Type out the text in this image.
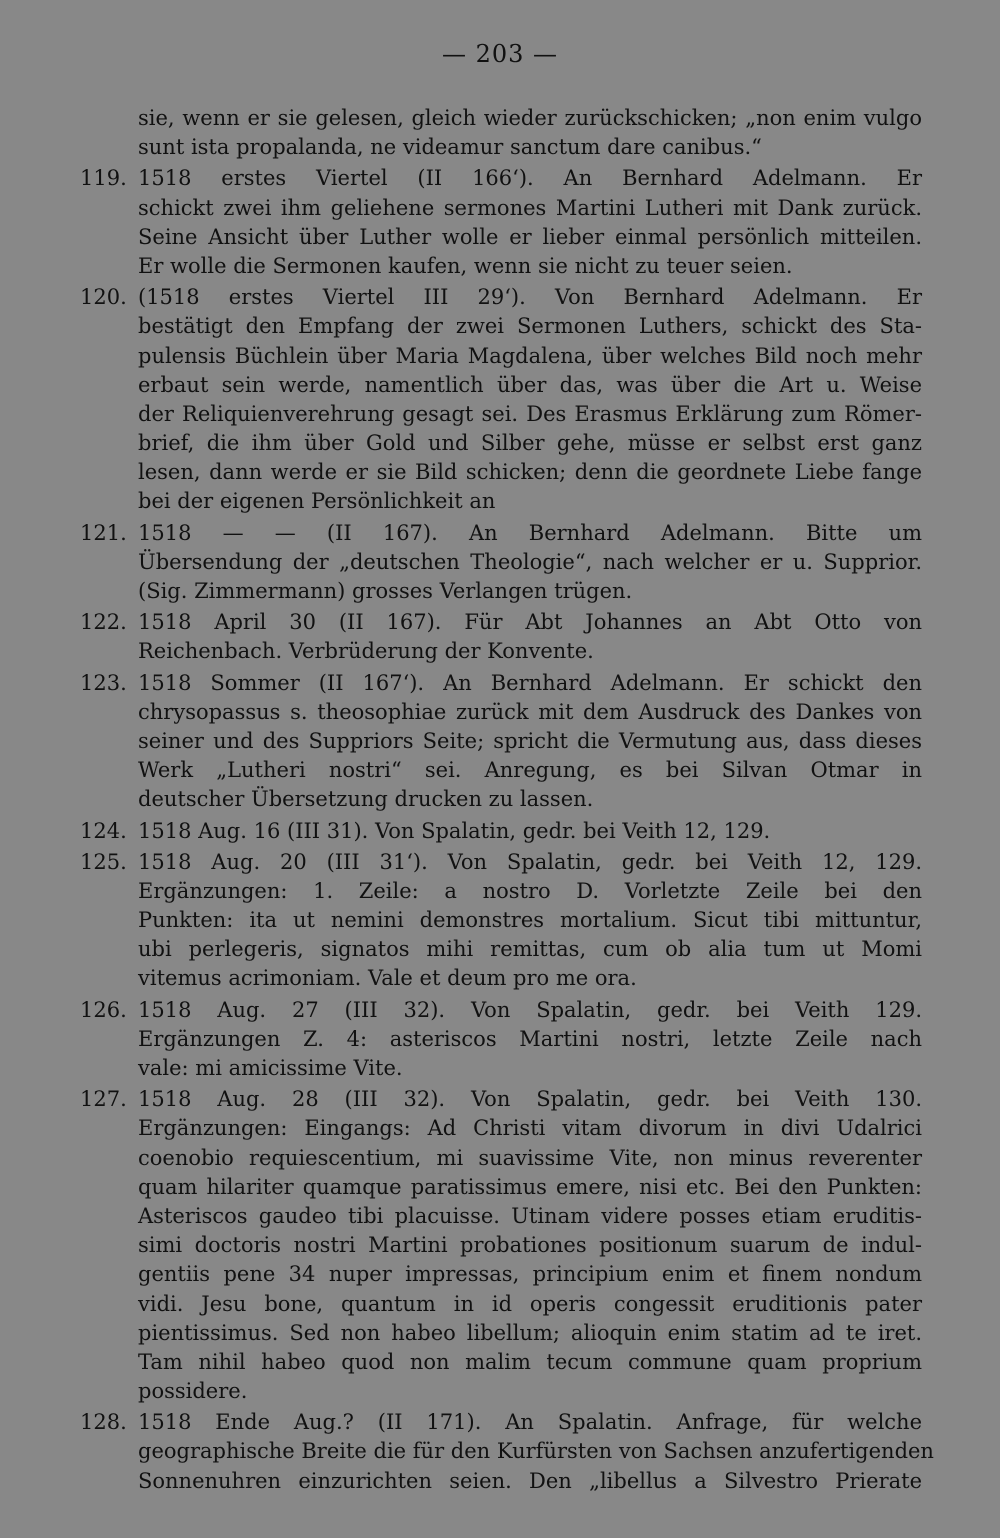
— 203 —
sie, wenn er sie gelesen, gleich wieder zurückschicken; „non enim vulgo
sunt ista propalanda, ne videamur sanctum dare canibus.“
119. 1518 erstes Viertel (II 166‘). An Bernhard Adelmann. Er
schickt zwei ihm geliehene sermones Martini Lutheri mit Dank zurück.
Seine Ansicht über Luther wolle er lieber einmal persönlich mitteilen.
Er wolle die Sermonen kaufen, wenn sie nicht zu teuer seien.
120. (1518 erstes Viertel III 29‘). Von Bernhard Adelmann. Er
bestätigt den Empfang der zwei Sermonen Luthers, schickt des Sta-
pulensis Büchlein über Maria Magdalena, über welches Bild noch mehr
erbaut sein werde, namentlich über das, was über die Art u. Weise
der Reliquienverehrung gesagt sei. Des Erasmus Erklärung zum Römer-
brief, die ihm über Gold und Silber gehe, müsse er selbst erst ganz
lesen, dann werde er sie Bild schicken; denn die geordnete Liebe fange
bei der eigenen Persönlichkeit an
121. 1518 — — (II 167). An Bernhard Adelmann. Bitte um
Übersendung der „deutschen Theologie“, nach welcher er u. Supprior.
(Sig. Zimmermann) grosses Verlangen trügen.
122. 1518 April 30 (II 167). Für Abt Johannes an Abt Otto von
Reichenbach. Verbrüderung der Konvente.
123. 1518 Sommer (II 167‘). An Bernhard Adelmann. Er schickt den
chrysopassus s. theosophiae zurück mit dem Ausdruck des Dankes von
seiner und des Suppriors Seite; spricht die Vermutung aus, dass dieses
Werk „Lutheri nostri“ sei. Anregung, es bei Silvan Otmar in
deutscher Übersetzung drucken zu lassen.
124. 1518 Aug. 16 (III 31). Von Spalatin, gedr. bei Veith 12, 129.
125. 1518 Aug. 20 (III 31‘). Von Spalatin, gedr. bei Veith 12, 129.
Ergänzungen: 1. Zeile: a nostro D. Vorletzte Zeile bei den
Punkten: ita ut nemini demonstres mortalium. Sicut tibi mittuntur,
ubi perlegeris, signatos mihi remittas, cum ob alia tum ut Momi
vitemus acrimoniam. Vale et deum pro me ora.
126. 1518 Aug. 27 (III 32). Von Spalatin, gedr. bei Veith 129.
Ergänzungen Z. 4: asteriscos Martini nostri, letzte Zeile nach
vale: mi amicissime Vite.
127. 1518 Aug. 28 (III 32). Von Spalatin, gedr. bei Veith 130.
Ergänzungen: Eingangs: Ad Christi vitam divorum in divi Udalrici
coenobio requiescentium, mi suavissime Vite, non minus reverenter
quam hilariter quamque paratissimus emere, nisi etc. Bei den Punkten:
Asteriscos gaudeo tibi placuisse. Utinam videre posses etiam eruditis-
simi doctoris nostri Martini probationes positionum suarum de indul-
gentiis pene 34 nuper impressas, principium enim et finem nondum
vidi. Jesu bone, quantum in id operis congessit eruditionis pater
pientissimus. Sed non habeo libellum; alioquin enim statim ad te iret.
Tam nihil habeo quod non malim tecum commune quam proprium
possidere.
128. 1518 Ende Aug.? (II 171). An Spalatin. Anfrage, für welche
geographische Breite die für den Kurfürsten von Sachsen anzufertigenden
Sonnenuhren einzurichten seien. Den „libellus a Silvestro Prierate
